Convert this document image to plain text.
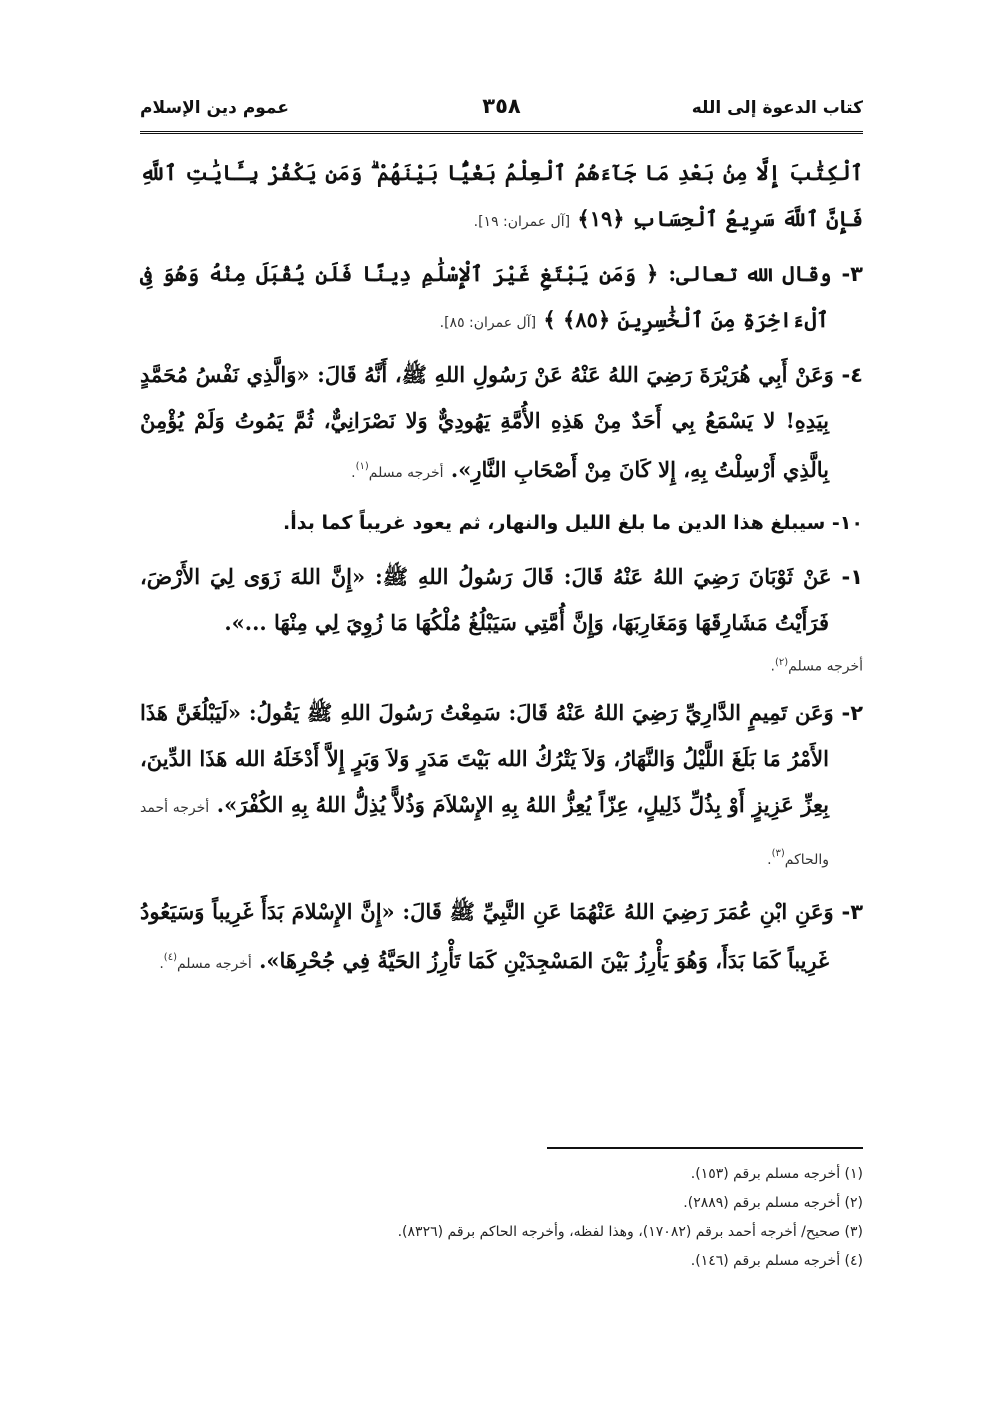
كتاب الدعوة إلى الله
٣٥٨
عموم دين الإسلام

ٱلْكِتَٰبَ إِلَّا مِنۢ بَعْدِ مَا جَآءَهُمُ ٱلْعِلْمُ بَغْيًۢا بَيْنَهُمْ ۗ وَمَن يَكْفُرْ بِـَٔايَٰتِ ٱللَّهِ فَإِنَّ ٱللَّهَ سَرِيعُ ٱلْحِسَابِ ﴿١٩﴾ [آل عمران: ١٩].

٣- وقال الله تعالى: ﴿ وَمَن يَبْتَغِ غَيْرَ ٱلْإِسْلَٰمِ دِينًا فَلَن يُقْبَلَ مِنْهُ وَهُوَ فِى ٱلْءَاخِرَةِ مِنَ ٱلْخَٰسِرِينَ ﴿٨٥﴾ ﴾ [آل عمران: ٨٥].

٤- وَعَنْ أَبِي هُرَيْرَةَ رَضِيَ اللهُ عَنْهُ عَنْ رَسُولِ اللهِ ﷺ، أَنَّهُ قَالَ: «وَالَّذِي نَفْسُ مُحَمَّدٍ بِيَدِهِ! لا يَسْمَعُ بِي أَحَدٌ مِنْ هَذِهِ الأُمَّةِ يَهُودِيٌّ وَلا نَصْرَانِيٌّ، ثُمَّ يَمُوتُ وَلَمْ يُؤْمِنْ بِالَّذِي أَرْسِلْتُ بِهِ، إِلا كَانَ مِنْ أَصْحَابِ النَّارِ». أخرجه مسلم$^{(١)}$.

١٠- سيبلغ هذا الدين ما بلغ الليل والنهار، ثم يعود غريباً كما بدأ.

١- عَنْ ثَوْبَانَ رَضِيَ اللهُ عَنْهُ قَالَ: قَالَ رَسُولُ اللهِ ﷺ: «إِنَّ اللهَ زَوَى لِيَ الأَرْضَ، فَرَأَيْتُ مَشَارِقَهَا وَمَغَارِبَهَا، وَإِنَّ أُمَّتِي سَيَبْلُغُ مُلْكُهَا مَا زُوِيَ لِي مِنْهَا ...».

أخرجه مسلم$^{(٢)}$.

٢- وَعَن تَمِيمٍ الدَّارِيِّ رَضِيَ اللهُ عَنْهُ قَالَ: سَمِعْتُ رَسُولَ اللهِ ﷺ يَقُولُ: «لَيَبْلُغَنَّ هَذَا الأَمْرُ مَا بَلَغَ اللَّيْلُ وَالنَّهَارُ، وَلاَ يَتْرُكُ الله بَيْتَ مَدَرٍ وَلاَ وَبَرٍ إِلاَّ أَدْخَلَهُ الله هَذَا الدِّينَ، بِعِزِّ عَزِيزٍ أَوْ بِذُلِّ ذَلِيلٍ، عِزّاً يُعِزُّ اللهُ بِهِ الإِسْلاَمَ وَذُلاًّ يُذِلُّ اللهُ بِهِ الكُفْرَ». أخرجه أحمد والحاكم$^{(٣)}$.

٣- وَعَنِ ابْنِ عُمَرَ رَضِيَ اللهُ عَنْهُمَا عَنِ النَّبِيِّ ﷺ قَالَ: «إِنَّ الإِسْلامَ بَدَأَ غَرِيباً وَسَيَعُودُ غَرِيباً كَمَا بَدَأَ، وَهُوَ يَأْرِزُ بَيْنَ المَسْجِدَيْنِ كَمَا تَأْرِزُ الحَيَّةُ فِي جُحْرِهَا». أخرجه مسلم$^{(٤)}$.

(١) أخرجه مسلم برقم (١٥٣).

(٢) أخرجه مسلم برقم (٢٨٨٩).

(٣) صحيح/ أخرجه أحمد برقم (١٧٠٨٢)، وهذا لفظه، وأخرجه الحاكم برقم (٨٣٢٦).

(٤) أخرجه مسلم برقم (١٤٦).
